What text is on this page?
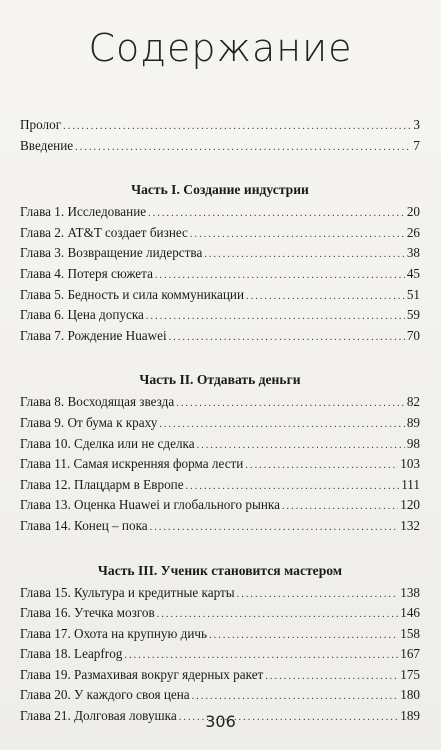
Содержание
Пролог . . .	3
Введение . . .	7
Часть I. Создание индустрии
Глава 1. Исследование . . .	20
Глава 2. AT&T создает бизнес . . .	26
Глава 3. Возвращение лидерства . . .	38
Глава 4. Потеря сюжета . . .	45
Глава 5. Бедность и сила коммуникации . . .	51
Глава 6. Цена допуска . . .	59
Глава 7. Рождение Huawei . . .	70
Часть II. Отдавать деньги
Глава 8. Восходящая звезда . . .	82
Глава 9. От бума к краху . . .	89
Глава 10. Сделка или не сделка . . .	98
Глава 11. Самая искренняя форма лести . . .	103
Глава 12. Плацдарм в Европе . . .	111
Глава 13. Оценка Huawei и глобального рынка . . .	120
Глава 14. Конец – пока . . .	132
Часть III. Ученик становится мастером
Глава 15. Культура и кредитные карты . . .	138
Глава 16. Утечка мозгов . . .	146
Глава 17. Охота на крупную дичь . . .	158
Глава 18. Leapfrog . . .	167
Глава 19. Размахивая вокруг ядерных ракет . . .	175
Глава 20. У каждого своя цена . . .	180
Глава 21. Долговая ловушка . . .	189
306
